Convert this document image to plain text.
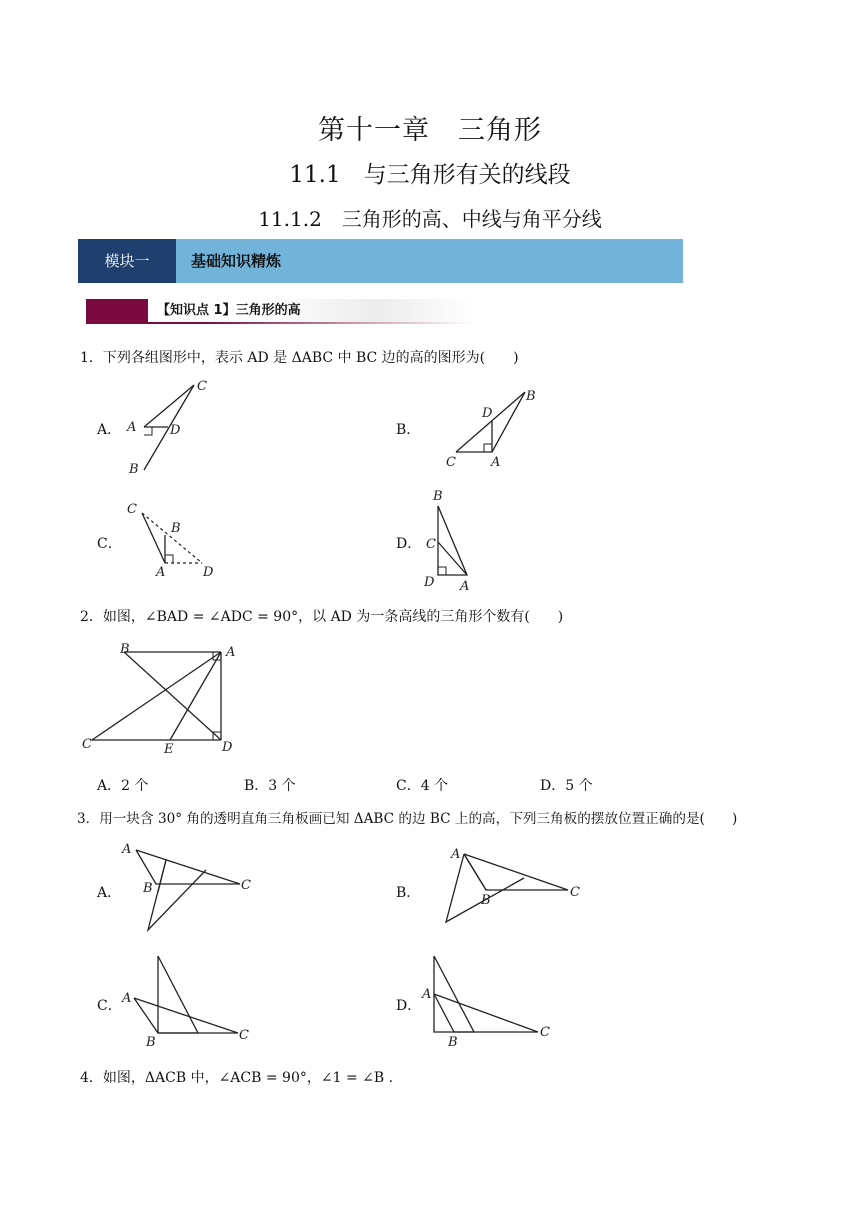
第十一章　三角形
11.1　与三角形有关的线段
11.1.2　三角形的高、中线与角平分线
模块一	基础知识精炼
【知识点 1】三角形的高
1．下列各组图形中，表示 AD 是 ΔABC 中 BC 边的高的图形为(　　)
A．
C
A	D
B
B．
B
D
C	A
C．
C
B
A	D
D．
B
C
D A
2．如图，∠BAD = ∠ADC = 90°，以 AD 为一条高线的三角形个数有(　　)
B	A
C	E	D
A．2 个	B．3 个	C．4 个	D．5 个
3．用一块含 30° 角的透明直角三角板画已知 ΔABC 的边 BC 上的高，下列三角板的摆放位置正确的是(　　)
A．
A
B	C	B．
A
B
C
C． A
B	C
D．
A
B
C
4．如图，ΔACB 中，∠ACB = 90°，∠1 = ∠B .
